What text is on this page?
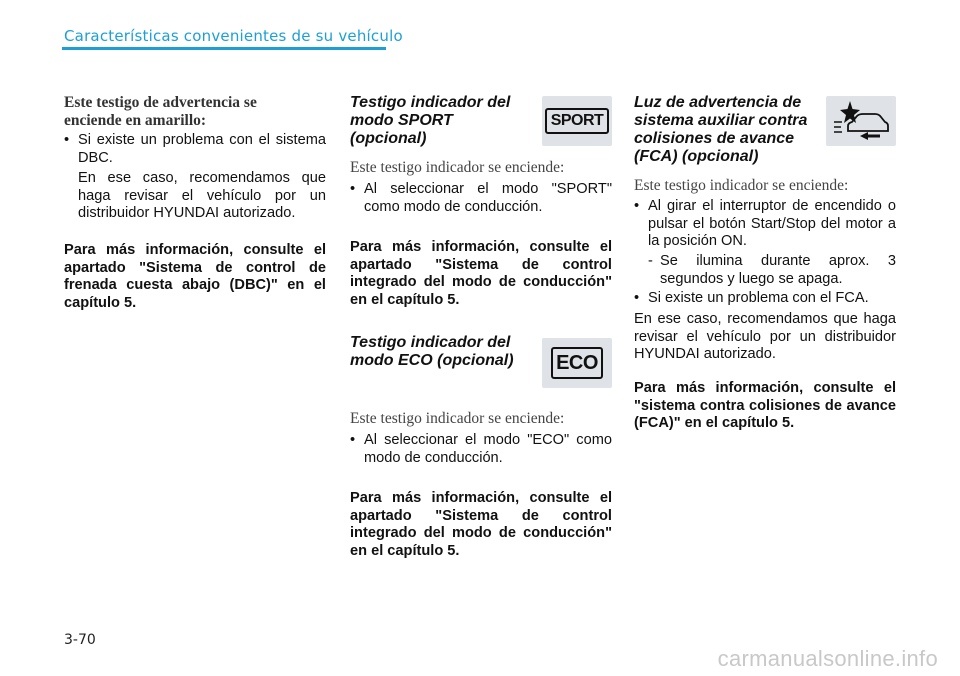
Características convenientes de su vehículo
Este testigo de advertencia se enciende en amarillo:

• Si existe un problema con el sistema DBC.

En ese caso, recomendamos que haga revisar el vehículo por un distribuidor HYUNDAI autorizado.

Para más información, consulte el apartado "Sistema de control de frenada cuesta abajo (DBC)" en el capítulo 5.

Testigo indicador del modo SPORT (opcional)
SPORT
Este testigo indicador se enciende:

• Al seleccionar el modo "SPORT" como modo de conducción.

Para más información, consulte el apartado "Sistema de control integrado del modo de conducción" en el capítulo 5.

Testigo indicador del modo ECO (opcional)	ECO
Este testigo indicador se enciende:

• Al seleccionar el modo "ECO" como modo de conducción.

Para más información, consulte el apartado "Sistema de control integrado del modo de conducción" en el capítulo 5.

Luz de advertencia de sistema auxiliar contra colisiones de avance (FCA) (opcional)
Este testigo indicador se enciende:

• Al girar el interruptor de encendido o pulsar el botón Start/Stop del motor a la posición ON.

- Se ilumina durante aprox. 3 segundos y luego se apaga.

• Si existe un problema con el FCA.

En ese caso, recomendamos que haga revisar el vehículo por un distribuidor HYUNDAI autorizado.

Para más información, consulte el "sistema contra colisiones de avance (FCA)" en el capítulo 5.

3-70
carmanualsonline.info
